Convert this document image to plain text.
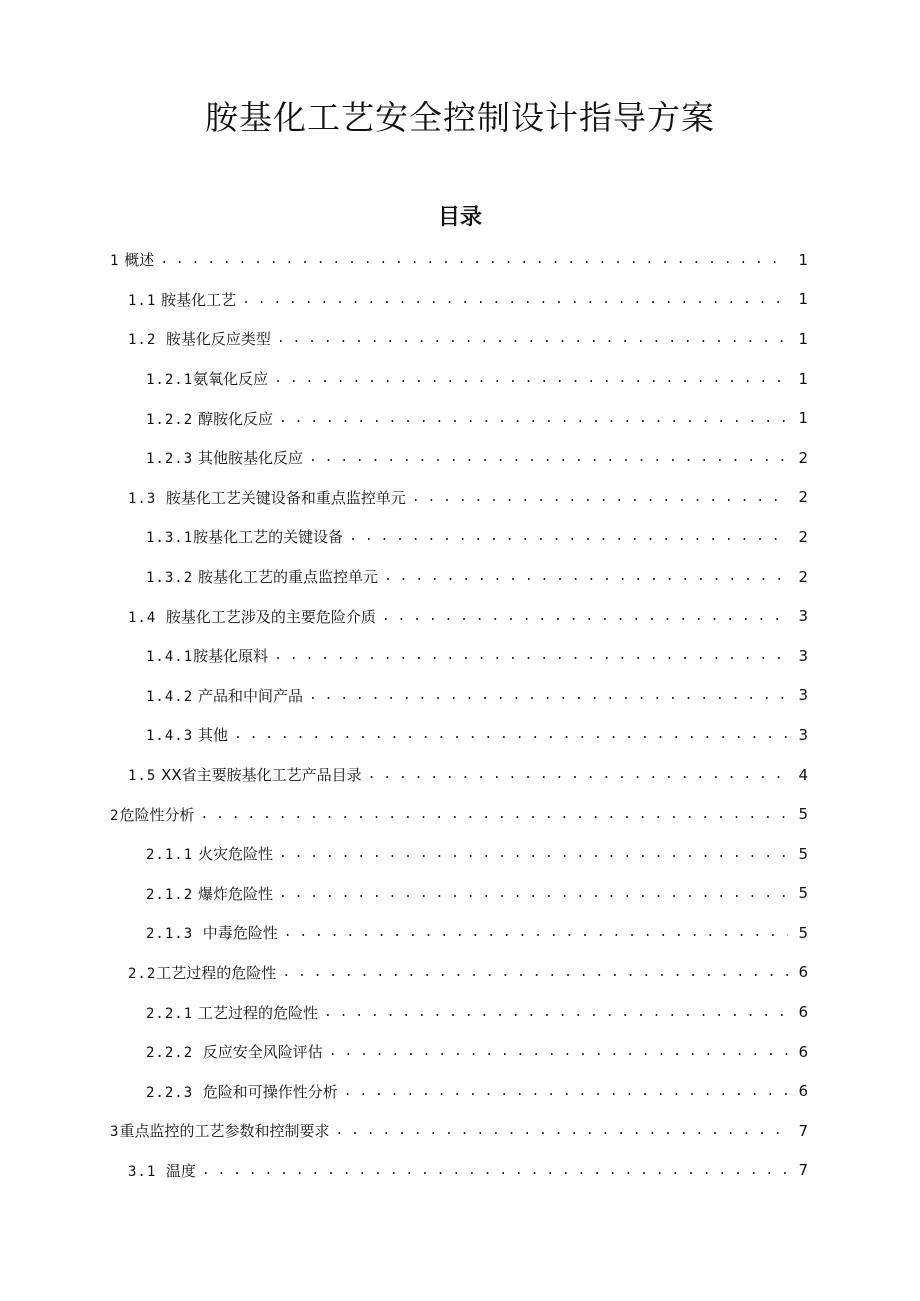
胺基化工艺安全控制设计指导方案
目录
1 概述 . . .	1
1.1 胺基化工艺 . . .	1
1.2 胺基化反应类型 . . .	1
1.2.1氨氧化反应 . . .	1
1.2.2 醇胺化反应 . . .	1
1.2.3 其他胺基化反应 . . .	2
1.3 胺基化工艺关键设备和重点监控单元 . . .	2
1.3.1胺基化工艺的关键设备 . . .	2
1.3.2 胺基化工艺的重点监控单元 . . .	2
1.4 胺基化工艺涉及的主要危险介质 . . .	3
1.4.1胺基化原料 . . .	3
1.4.2 产品和中间产品 . . .	3
1.4.3 其他 . . .	3
1.5 XX省主要胺基化工艺产品目录 . . .	4
2危险性分析 . . .	5
2.1.1 火灾危险性 . . .	5
2.1.2 爆炸危险性 . . .	5
2.1.3 中毒危险性 . . .	5
2.2工艺过程的危险性 . . .	6
2.2.1 工艺过程的危险性 . . .	6
2.2.2 反应安全风险评估 . . .	6
2.2.3 危险和可操作性分析 . . .	6
3重点监控的工艺参数和控制要求 . . .	7
3.1 温度 . . .	7
